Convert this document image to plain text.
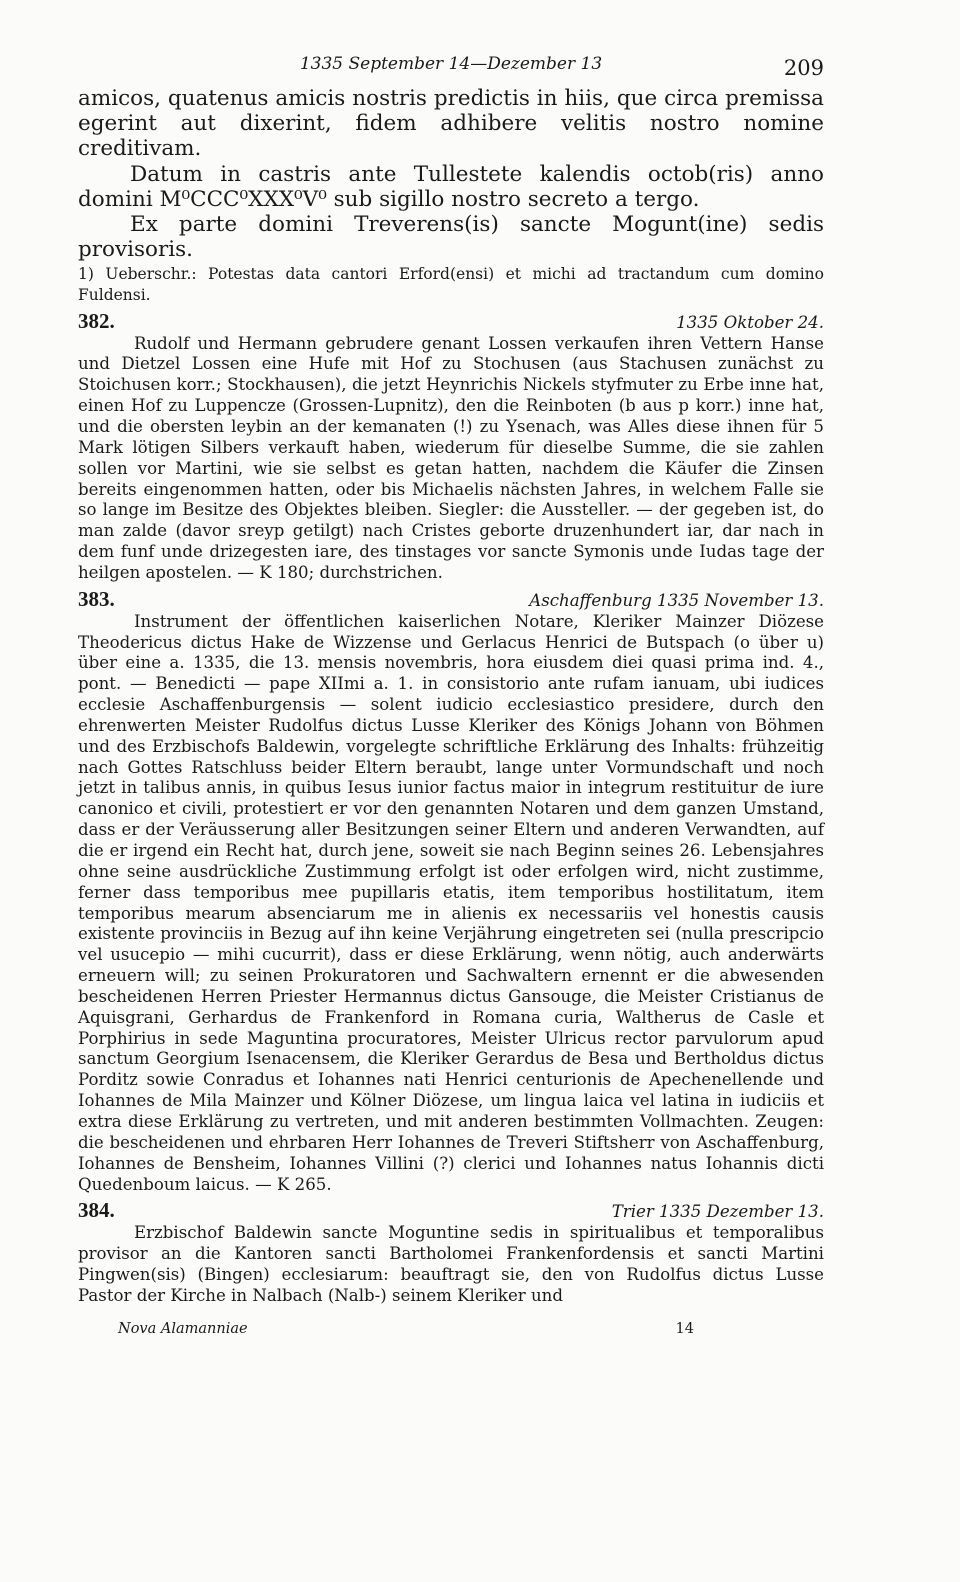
1335 September 14—Dezember 13	209

amicos, quatenus amicis nostris predictis in hiis, que circa premissa egerint aut dixerint, fidem adhibere velitis nostro nomine creditivam.

Datum in castris ante Tullestete kalendis octob(ris) anno domini M⁰CCC⁰XXX⁰V⁰ sub sigillo nostro secreto a tergo.

Ex parte domini Treverens(is) sancte Mogunt(ine) sedis provisoris.

1) Ueberschr.: Potestas data cantori Erford(ensi) et michi ad tractandum cum domino Fuldensi.

382.	1335 Oktober 24.

Rudolf und Hermann gebrudere genant Lossen verkaufen ihren Vettern Hanse und Dietzel Lossen eine Hufe mit Hof zu Stochusen (aus Stachusen zunächst zu Stoichusen korr.; Stockhausen), die jetzt Heynrichis Nickels styfmuter zu Erbe inne hat, einen Hof zu Luppencze (Grossen-Lupnitz), den die Reinboten (b aus p korr.) inne hat, und die obersten leybin an der kemanaten (!) zu Ysenach, was Alles diese ihnen für 5 Mark lötigen Silbers verkauft haben, wiederum für dieselbe Summe, die sie zahlen sollen vor Martini, wie sie selbst es getan hatten, nachdem die Käufer die Zinsen bereits eingenommen hatten, oder bis Michaelis nächsten Jahres, in welchem Falle sie so lange im Besitze des Objektes bleiben. Siegler: die Aussteller. — der gegeben ist, do man zalde (davor sreyp getilgt) nach Cristes geborte druzenhundert iar, dar nach in dem funf unde drizegesten iare, des tinstages vor sancte Symonis unde Iudas tage der heilgen apostelen. — K 180; durchstrichen.

383.	Aschaffenburg 1335 November 13.

Instrument der öffentlichen kaiserlichen Notare, Kleriker Mainzer Diözese Theodericus dictus Hake de Wizzense und Gerlacus Henrici de Butspach (o über u) über eine a. 1335, die 13. mensis novembris, hora eiusdem diei quasi prima ind. 4., pont. — Benedicti — pape XIImi a. 1. in consistorio ante rufam ianuam, ubi iudices ecclesie Aschaffenburgensis — solent iudicio ecclesiastico presidere, durch den ehrenwerten Meister Rudolfus dictus Lusse Kleriker des Königs Johann von Böhmen und des Erzbischofs Baldewin, vorgelegte schriftliche Erklärung des Inhalts: frühzeitig nach Gottes Ratschluss beider Eltern beraubt, lange unter Vormundschaft und noch jetzt in talibus annis, in quibus Iesus iunior factus maior in integrum restituitur de iure canonico et civili, protestiert er vor den genannten Notaren und dem ganzen Umstand, dass er der Veräusserung aller Besitzungen seiner Eltern und anderen Verwandten, auf die er irgend ein Recht hat, durch jene, soweit sie nach Beginn seines 26. Lebensjahres ohne seine ausdrückliche Zustimmung erfolgt ist oder erfolgen wird, nicht zustimme, ferner dass temporibus mee pupillaris etatis, item temporibus hostilitatum, item temporibus mearum absenciarum me in alienis ex necessariis vel honestis causis existente provinciis in Bezug auf ihn keine Verjährung eingetreten sei (nulla prescripcio vel usucepio — mihi cucurrit), dass er diese Erklärung, wenn nötig, auch anderwärts erneuern will; zu seinen Prokuratoren und Sachwaltern ernennt er die abwesenden bescheidenen Herren Priester Hermannus dictus Gansouge, die Meister Cristianus de Aquisgrani, Gerhardus de Frankenford in Romana curia, Waltherus de Casle et Porphirius in sede Maguntina procuratores, Meister Ulricus rector parvulorum apud sanctum Georgium Isenacensem, die Kleriker Gerardus de Besa und Bertholdus dictus Porditz sowie Conradus et Iohannes nati Henrici centurionis de Apechenellende und Iohannes de Mila Mainzer und Kölner Diözese, um lingua laica vel latina in iudiciis et extra diese Erklärung zu vertreten, und mit anderen bestimmten Vollmachten. Zeugen: die bescheidenen und ehrbaren Herr Iohannes de Treveri Stiftsherr von Aschaffenburg, Iohannes de Bensheim, Iohannes Villini (?) clerici und Iohannes natus Iohannis dicti Quedenboum laicus. — K 265.

384.	Trier 1335 Dezember 13.

Erzbischof Baldewin sancte Moguntine sedis in spiritualibus et temporalibus provisor an die Kantoren sancti Bartholomei Frankenfordensis et sancti Martini Pingwen(sis) (Bingen) ecclesiarum: beauftragt sie, den von Rudolfus dictus Lusse Pastor der Kirche in Nalbach (Nalb-) seinem Kleriker und

Nova Alamanniae	14
